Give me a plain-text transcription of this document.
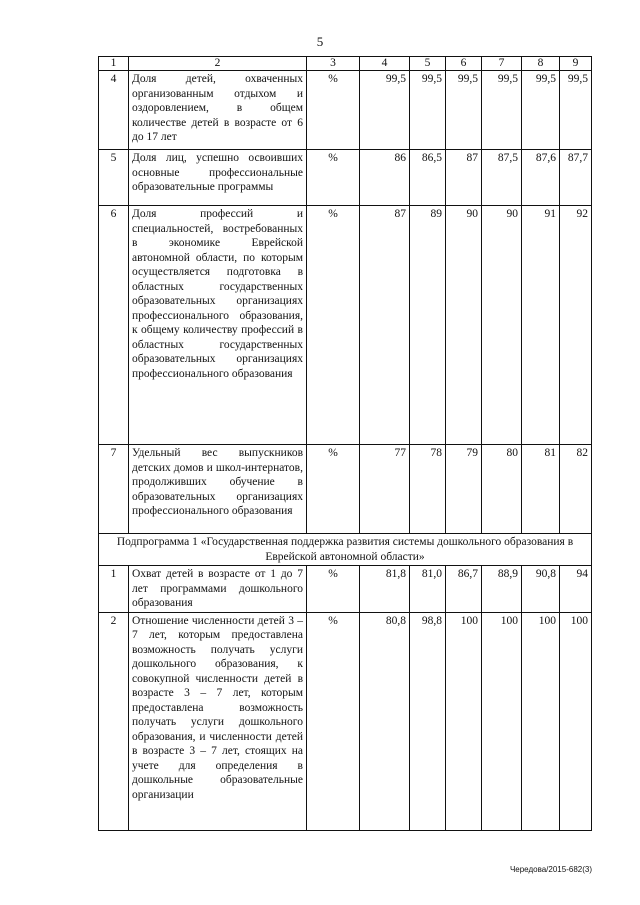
5
1	2	3	4	5	6	7	8	9
4	Доля детей, охваченных организованным отдыхом и оздоровлением, в общем количестве детей в возрасте от 6 до 17 лет	%	99,5	99,5	99,5	99,5	99,5	99,5
5	Доля лиц, успешно освоивших основные профессиональные образовательные программы	%	86	86,5	87	87,5	87,6	87,7
6	Доля профессий и специальностей, востребованных в экономике Еврейской автономной области, по которым осуществляется подготовка в областных государственных образовательных организациях профессионального образования, к общему количеству профессий в областных государственных образовательных организациях профессионального образования	%	87	89	90	90	91	92
7	Удельный вес выпускников детских домов и школ-интернатов, продолживших обучение в образовательных организациях профессионального образования	%	77	78	79	80	81	82
Подпрограмма 1 «Государственная поддержка развития системы дошкольного образования в Еврейской автономной области»								
1	Охват детей в возрасте от 1 до 7 лет программами дошкольного образования	%	81,8	81,0	86,7	88,9	90,8	94
2	Отношение численности детей 3 – 7 лет, которым предоставлена возможность получать услуги дошкольного образования, к совокупной численности детей в возрасте 3 – 7 лет, которым предоставлена возможность получать услуги дошкольного образования, и численности детей в возрасте 3 – 7 лет, стоящих на учете для определения в дошкольные образовательные организации	%	80,8	98,8	100	100	100	100
Чередова/2015-682(3)
